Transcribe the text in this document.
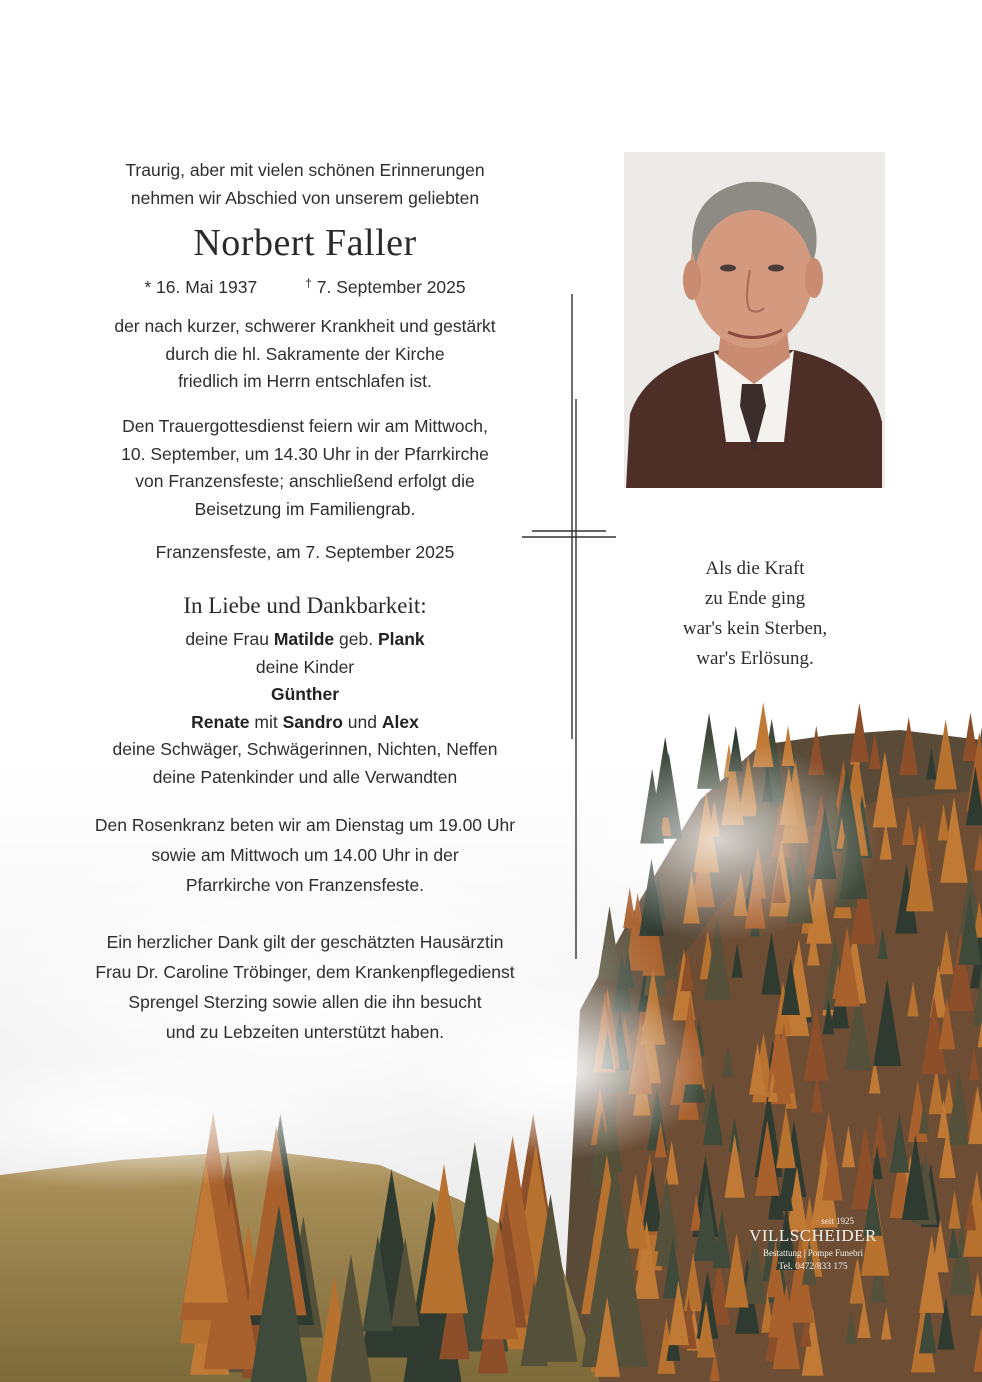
Traurig, aber mit vielen schönen Erinnerungen
nehmen wir Abschied von unserem geliebten
Norbert Faller
* 16. Mai 1937	† 7. September 2025
der nach kurzer, schwerer Krankheit und gestärkt
durch die hl. Sakramente der Kirche
friedlich im Herrn entschlafen ist.
Den Trauergottesdienst feiern wir am Mittwoch,
10. September, um 14.30 Uhr in der Pfarrkirche
von Franzensfeste; anschließend erfolgt die
Beisetzung im Familiengrab.
Franzensfeste, am 7. September 2025
In Liebe und Dankbarkeit:
deine Frau Matilde geb. Plank
deine Kinder
Günther
Renate mit Sandro und Alex
deine Schwäger, Schwägerinnen, Nichten, Neffen
deine Patenkinder und alle Verwandten
Den Rosenkranz beten wir am Dienstag um 19.00 Uhr
sowie am Mittwoch um 14.00 Uhr in der
Pfarrkirche von Franzensfeste.
Ein herzlicher Dank gilt der geschätzten Hausärztin
Frau Dr. Caroline Tröbinger, dem Krankenpflegedienst
Sprengel Sterzing sowie allen die ihn besucht
und zu Lebzeiten unterstützt haben.
Als die Kraft
zu Ende ging
war's kein Sterben,
war's Erlösung.
seit 1925
VILLSCHEIDER
Bestattung | Pompe Funebri
Tel. 0472/833 175
